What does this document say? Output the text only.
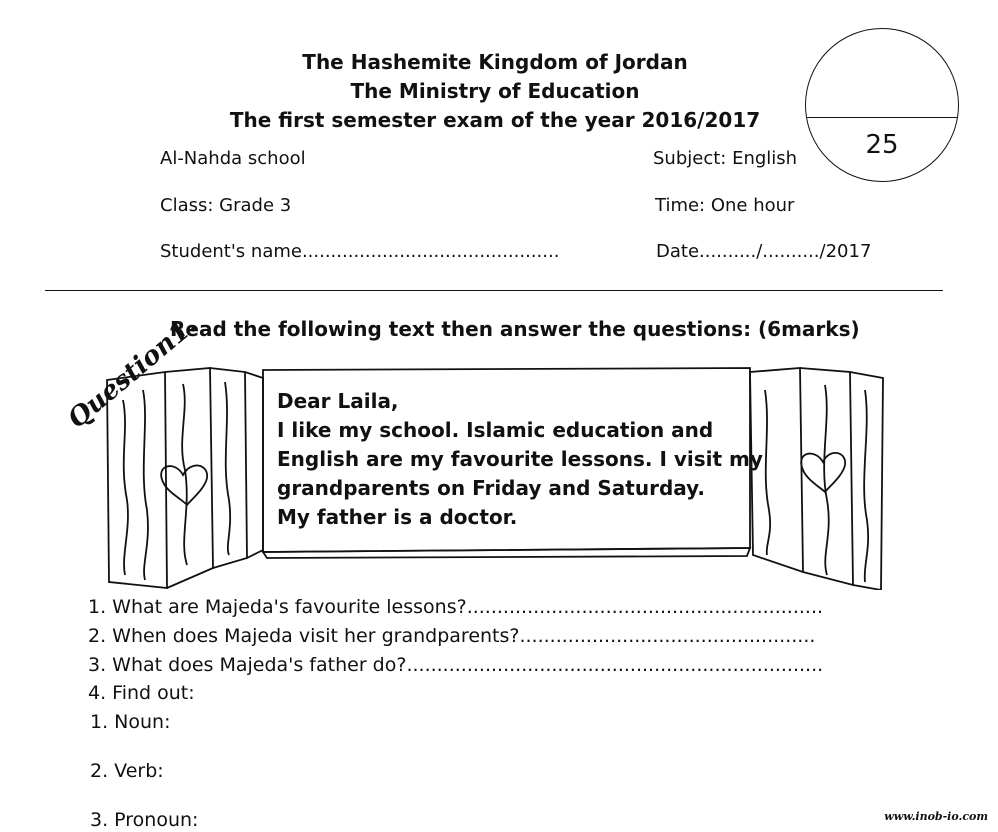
The Hashemite Kingdom of Jordan
The Ministry of Education
The first semester exam of the year 2016/2017
25
Al-Nahda school	Subject: English
Class: Grade 3	Time: One hour
Student's name.............................................	Date........../........../2017
Question1.
Read the following text then answer the questions: (6marks)
Dear Laila,
I like my school. Islamic education and
English are my favourite lessons. I visit my
grandparents on Friday and Saturday.
My father is a doctor.
1. What are Majeda's favourite lessons?...........................................................
2. When does Majeda visit her grandparents?.................................................
3. What does Majeda's father do?.....................................................................
4. Find out:
1. Noun:
2. Verb:
3. Pronoun:	www.inob-io.com
